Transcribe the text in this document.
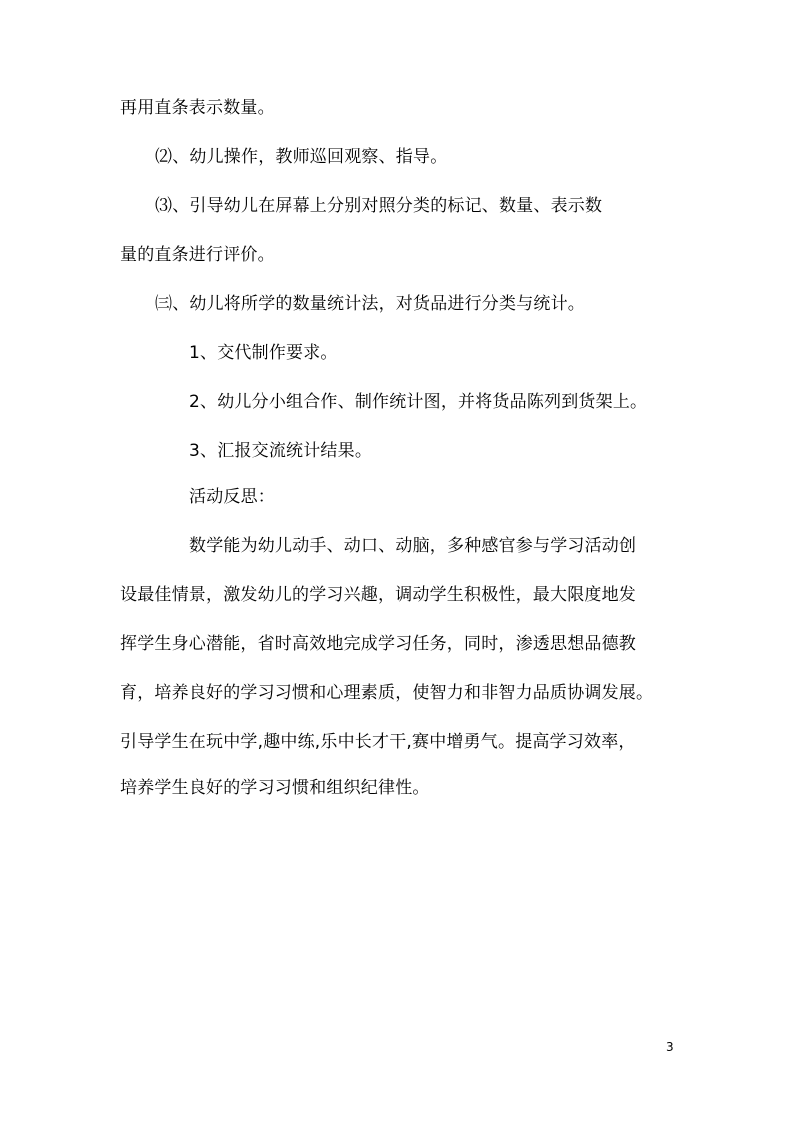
再用直条表示数量。
⑵、幼儿操作，教师巡回观察、指导。
⑶、引导幼儿在屏幕上分别对照分类的标记、数量、表示数
量的直条进行评价。
㈢、幼儿将所学的数量统计法，对货品进行分类与统计。
1、交代制作要求。
2、幼儿分小组合作、制作统计图，并将货品陈列到货架上。
3、汇报交流统计结果。
活动反思：
数学能为幼儿动手、动口、动脑，多种感官参与学习活动创
设最佳情景，激发幼儿的学习兴趣，调动学生积极性，最大限度地发
挥学生身心潜能，省时高效地完成学习任务，同时，渗透思想品德教
育，培养良好的学习习惯和心理素质，使智力和非智力品质协调发展。
引导学生在玩中学,趣中练,乐中长才干,赛中增勇气。提高学习效率，
培养学生良好的学习习惯和组织纪律性。
3
